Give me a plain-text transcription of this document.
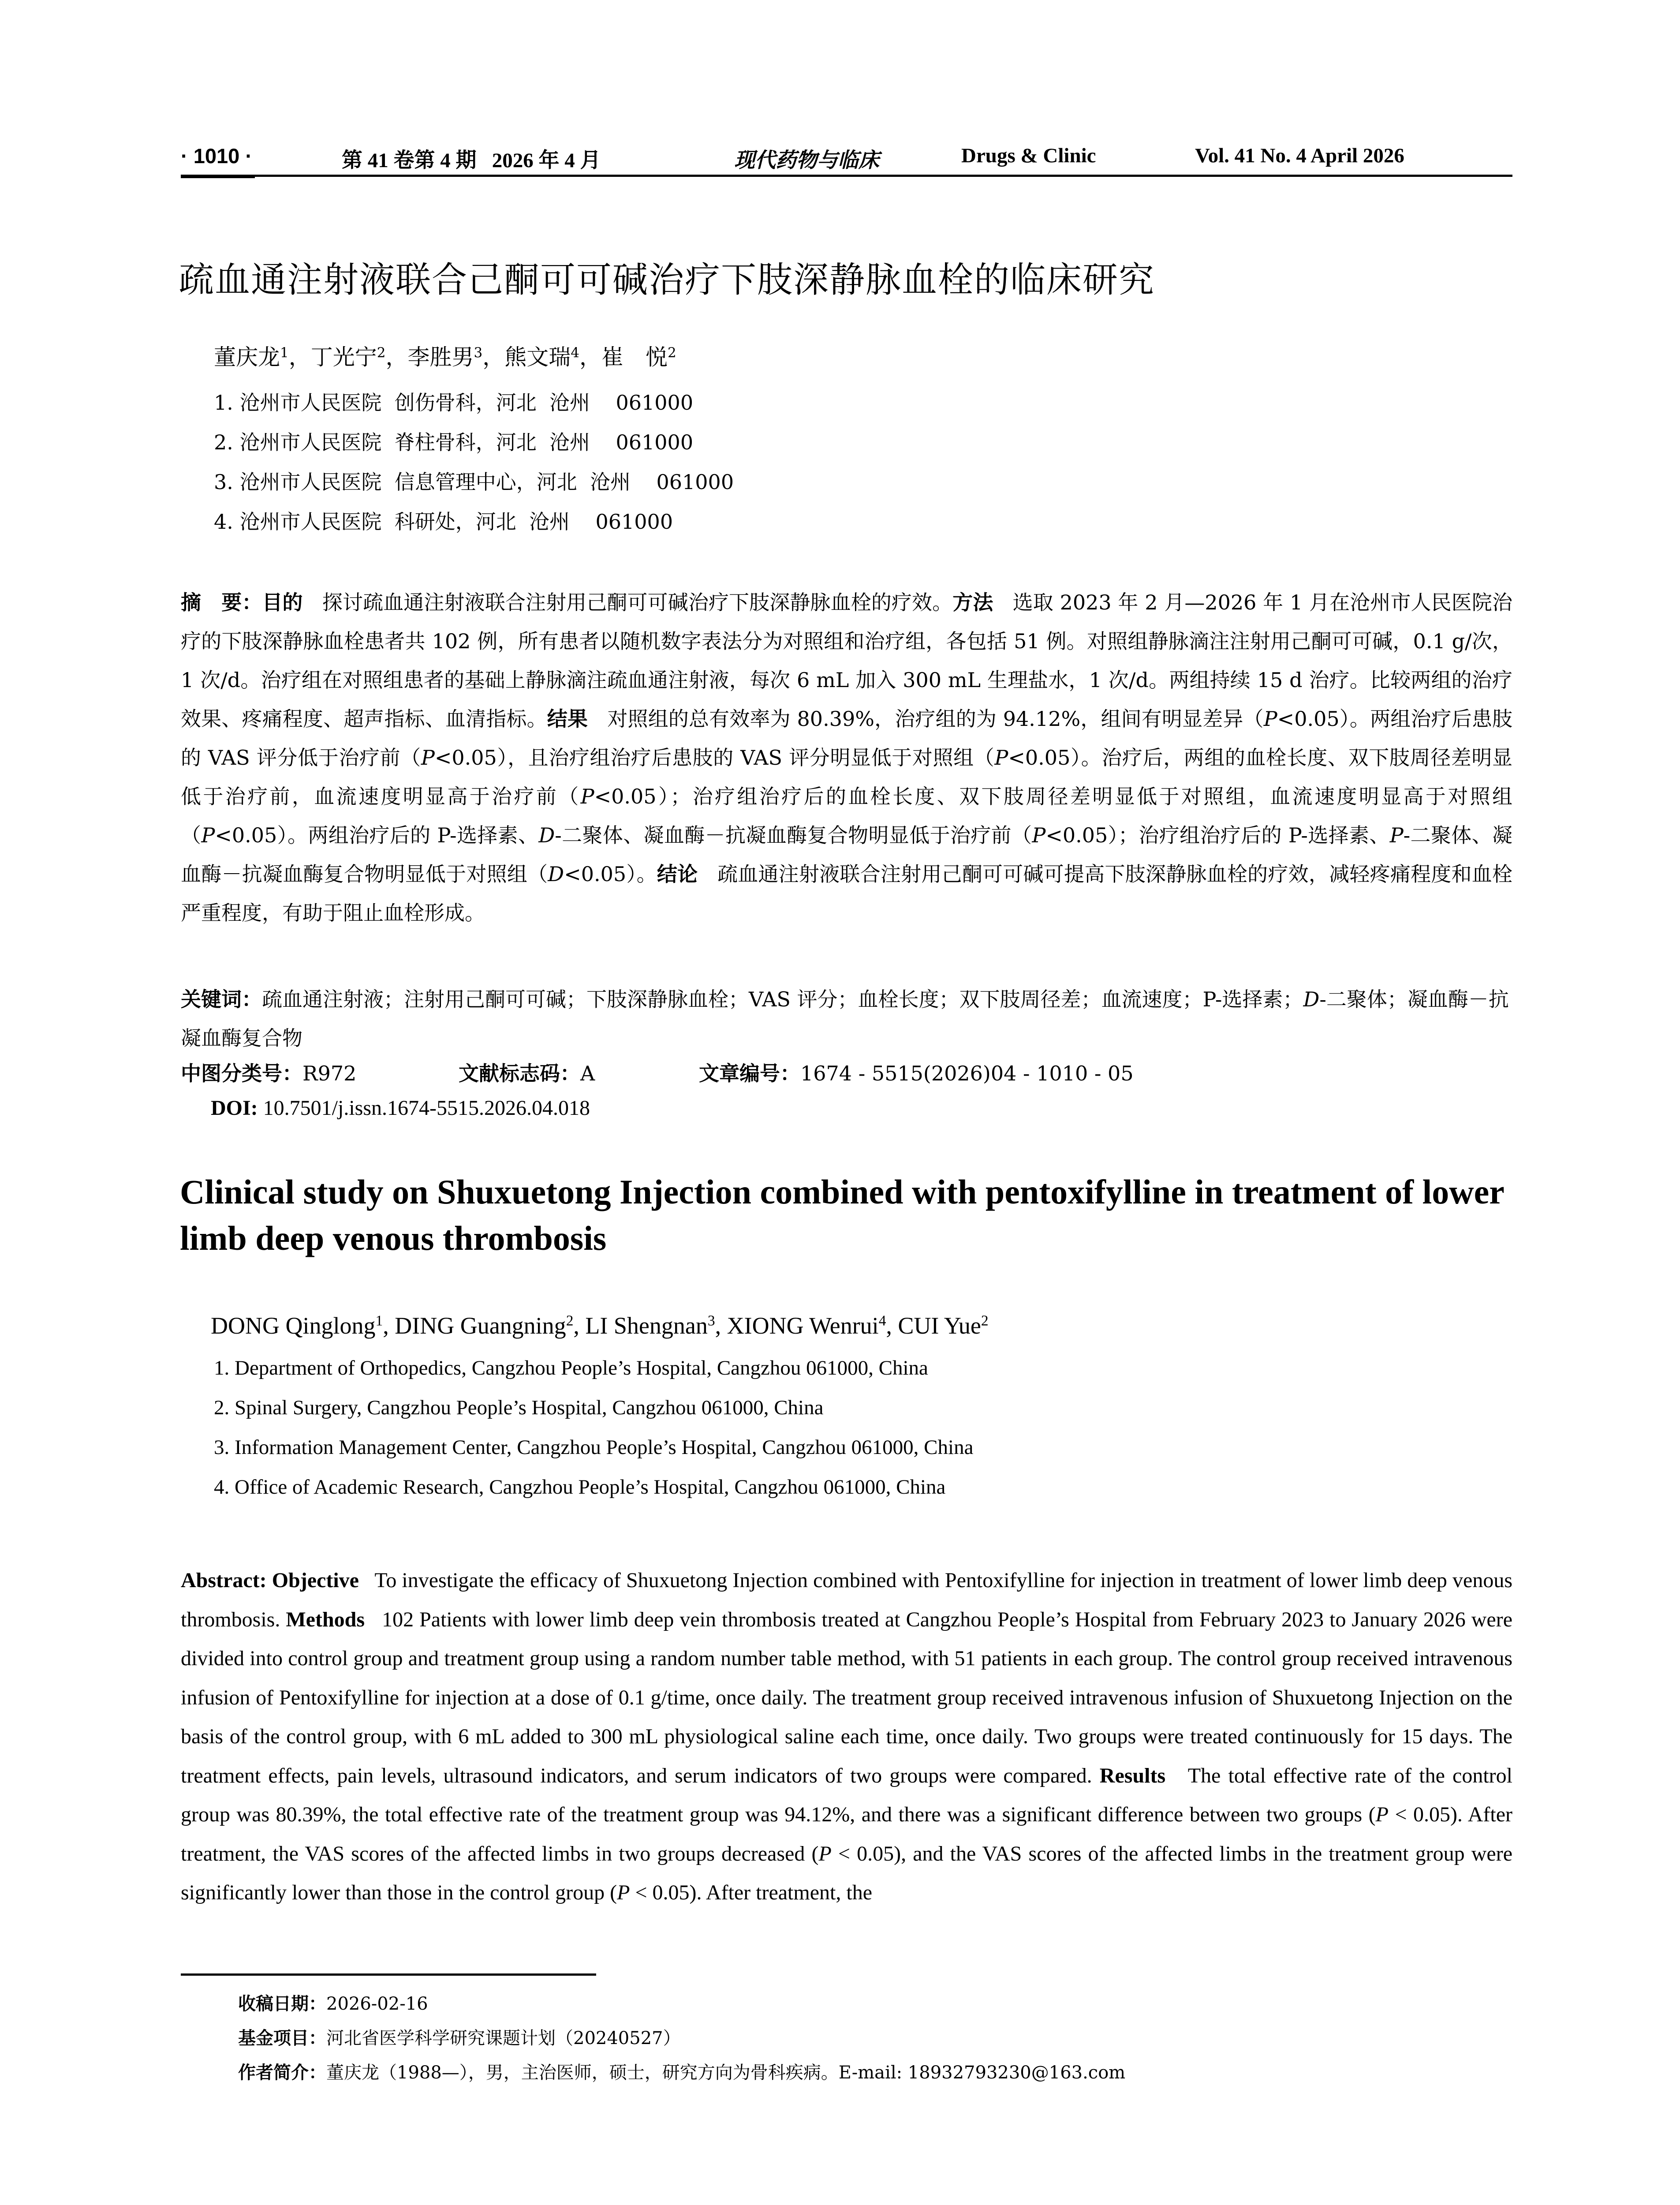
· 1010 ·	第 41 卷第 4 期   2026 年 4 月	现代药物与临床	Drugs & Clinic	Vol. 41 No. 4 April 2026
疏血通注射液联合己酮可可碱治疗下肢深静脉血栓的临床研究
董庆龙$^1$，丁光宁$^2$，李胜男$^3$，熊文瑞$^4$，崔　悦$^2$
1. 沧州市人民医院  创伤骨科，河北  沧州    061000
2. 沧州市人民医院  脊柱骨科，河北  沧州    061000
3. 沧州市人民医院  信息管理中心，河北  沧州    061000
4. 沧州市人民医院  科研处，河北  沧州    061000
摘　要：目的 探讨疏血通注射液联合注射用己酮可可碱治疗下肢深静脉血栓的疗效。方法 选取 2023 年 2 月—2026 年 1 月在沧州市人民医院治疗的下肢深静脉血栓患者共 102 例，所有患者以随机数字表法分为对照组和治疗组，各包括 51 例。对照组静脉滴注注射用己酮可可碱，0.1 g/次，1 次/d。治疗组在对照组患者的基础上静脉滴注疏血通注射液，每次 6 mL 加入 300 mL 生理盐水，1 次/d。两组持续 15 d 治疗。比较两组的治疗效果、疼痛程度、超声指标、血清指标。结果 对照组的总有效率为 80.39%，治疗组的为 94.12%，组间有明显差异（P<0.05）。两组治疗后患肢的 VAS 评分低于治疗前（P<0.05），且治疗组治疗后患肢的 VAS 评分明显低于对照组（P<0.05）。治疗后，两组的血栓长度、双下肢周径差明显低于治疗前，血流速度明显高于治疗前（P<0.05）；治疗组治疗后的血栓长度、双下肢周径差明显低于对照组，血流速度明显高于对照组（P<0.05）。两组治疗后的 P-选择素、D-二聚体、凝血酶－抗凝血酶复合物明显低于治疗前（P<0.05）；治疗组治疗后的 P-选择素、P-二聚体、凝血酶－抗凝血酶复合物明显低于对照组（D<0.05）。结论 疏血通注射液联合注射用己酮可可碱可提高下肢深静脉血栓的疗效，减轻疼痛程度和血栓严重程度，有助于阻止血栓形成。
关键词：疏血通注射液；注射用己酮可可碱；下肢深静脉血栓；VAS 评分；血栓长度；双下肢周径差；血流速度；P-选择素；D-二聚体；凝血酶－抗凝血酶复合物
中图分类号：R972	文献标志码：A	文章编号：1674 - 5515(2026)04 - 1010 - 05
DOI: 10.7501/j.issn.1674-5515.2026.04.018
Clinical study on Shuxuetong Injection combined with pentoxifylline in treatment of lower limb deep venous thrombosis
DONG Qinglong$^1$, DING Guangning$^2$, LI Shengnan$^3$, XIONG Wenrui$^4$, CUI Yue$^2$
1. Department of Orthopedics, Cangzhou People’s Hospital, Cangzhou 061000, China
2. Spinal Surgery, Cangzhou People’s Hospital, Cangzhou 061000, China
3. Information Management Center, Cangzhou People’s Hospital, Cangzhou 061000, China
4. Office of Academic Research, Cangzhou People’s Hospital, Cangzhou 061000, China
Abstract: Objective To investigate the efficacy of Shuxuetong Injection combined with Pentoxifylline for injection in treatment of lower limb deep venous thrombosis. Methods 102 Patients with lower limb deep vein thrombosis treated at Cangzhou People’s Hospital from February 2023 to January 2026 were divided into control group and treatment group using a random number table method, with 51 patients in each group. The control group received intravenous infusion of Pentoxifylline for injection at a dose of 0.1 g/time, once daily. The treatment group received intravenous infusion of Shuxuetong Injection on the basis of the control group, with 6 mL added to 300 mL physiological saline each time, once daily. Two groups were treated continuously for 15 days. The treatment effects, pain levels, ultrasound indicators, and serum indicators of two groups were compared. Results The total effective rate of the control group was 80.39%, the total effective rate of the treatment group was 94.12%, and there was a significant difference between two groups (P < 0.05). After treatment, the VAS scores of the affected limbs in two groups decreased (P < 0.05), and the VAS scores of the affected limbs in the treatment group were significantly lower than those in the control group (P < 0.05). After treatment, the
收稿日期：2026-02-16
基金项目：河北省医学科学研究课题计划（20240527）
作者简介：董庆龙（1988—），男，主治医师，硕士，研究方向为骨科疾病。E-mail: 18932793230@163.com
